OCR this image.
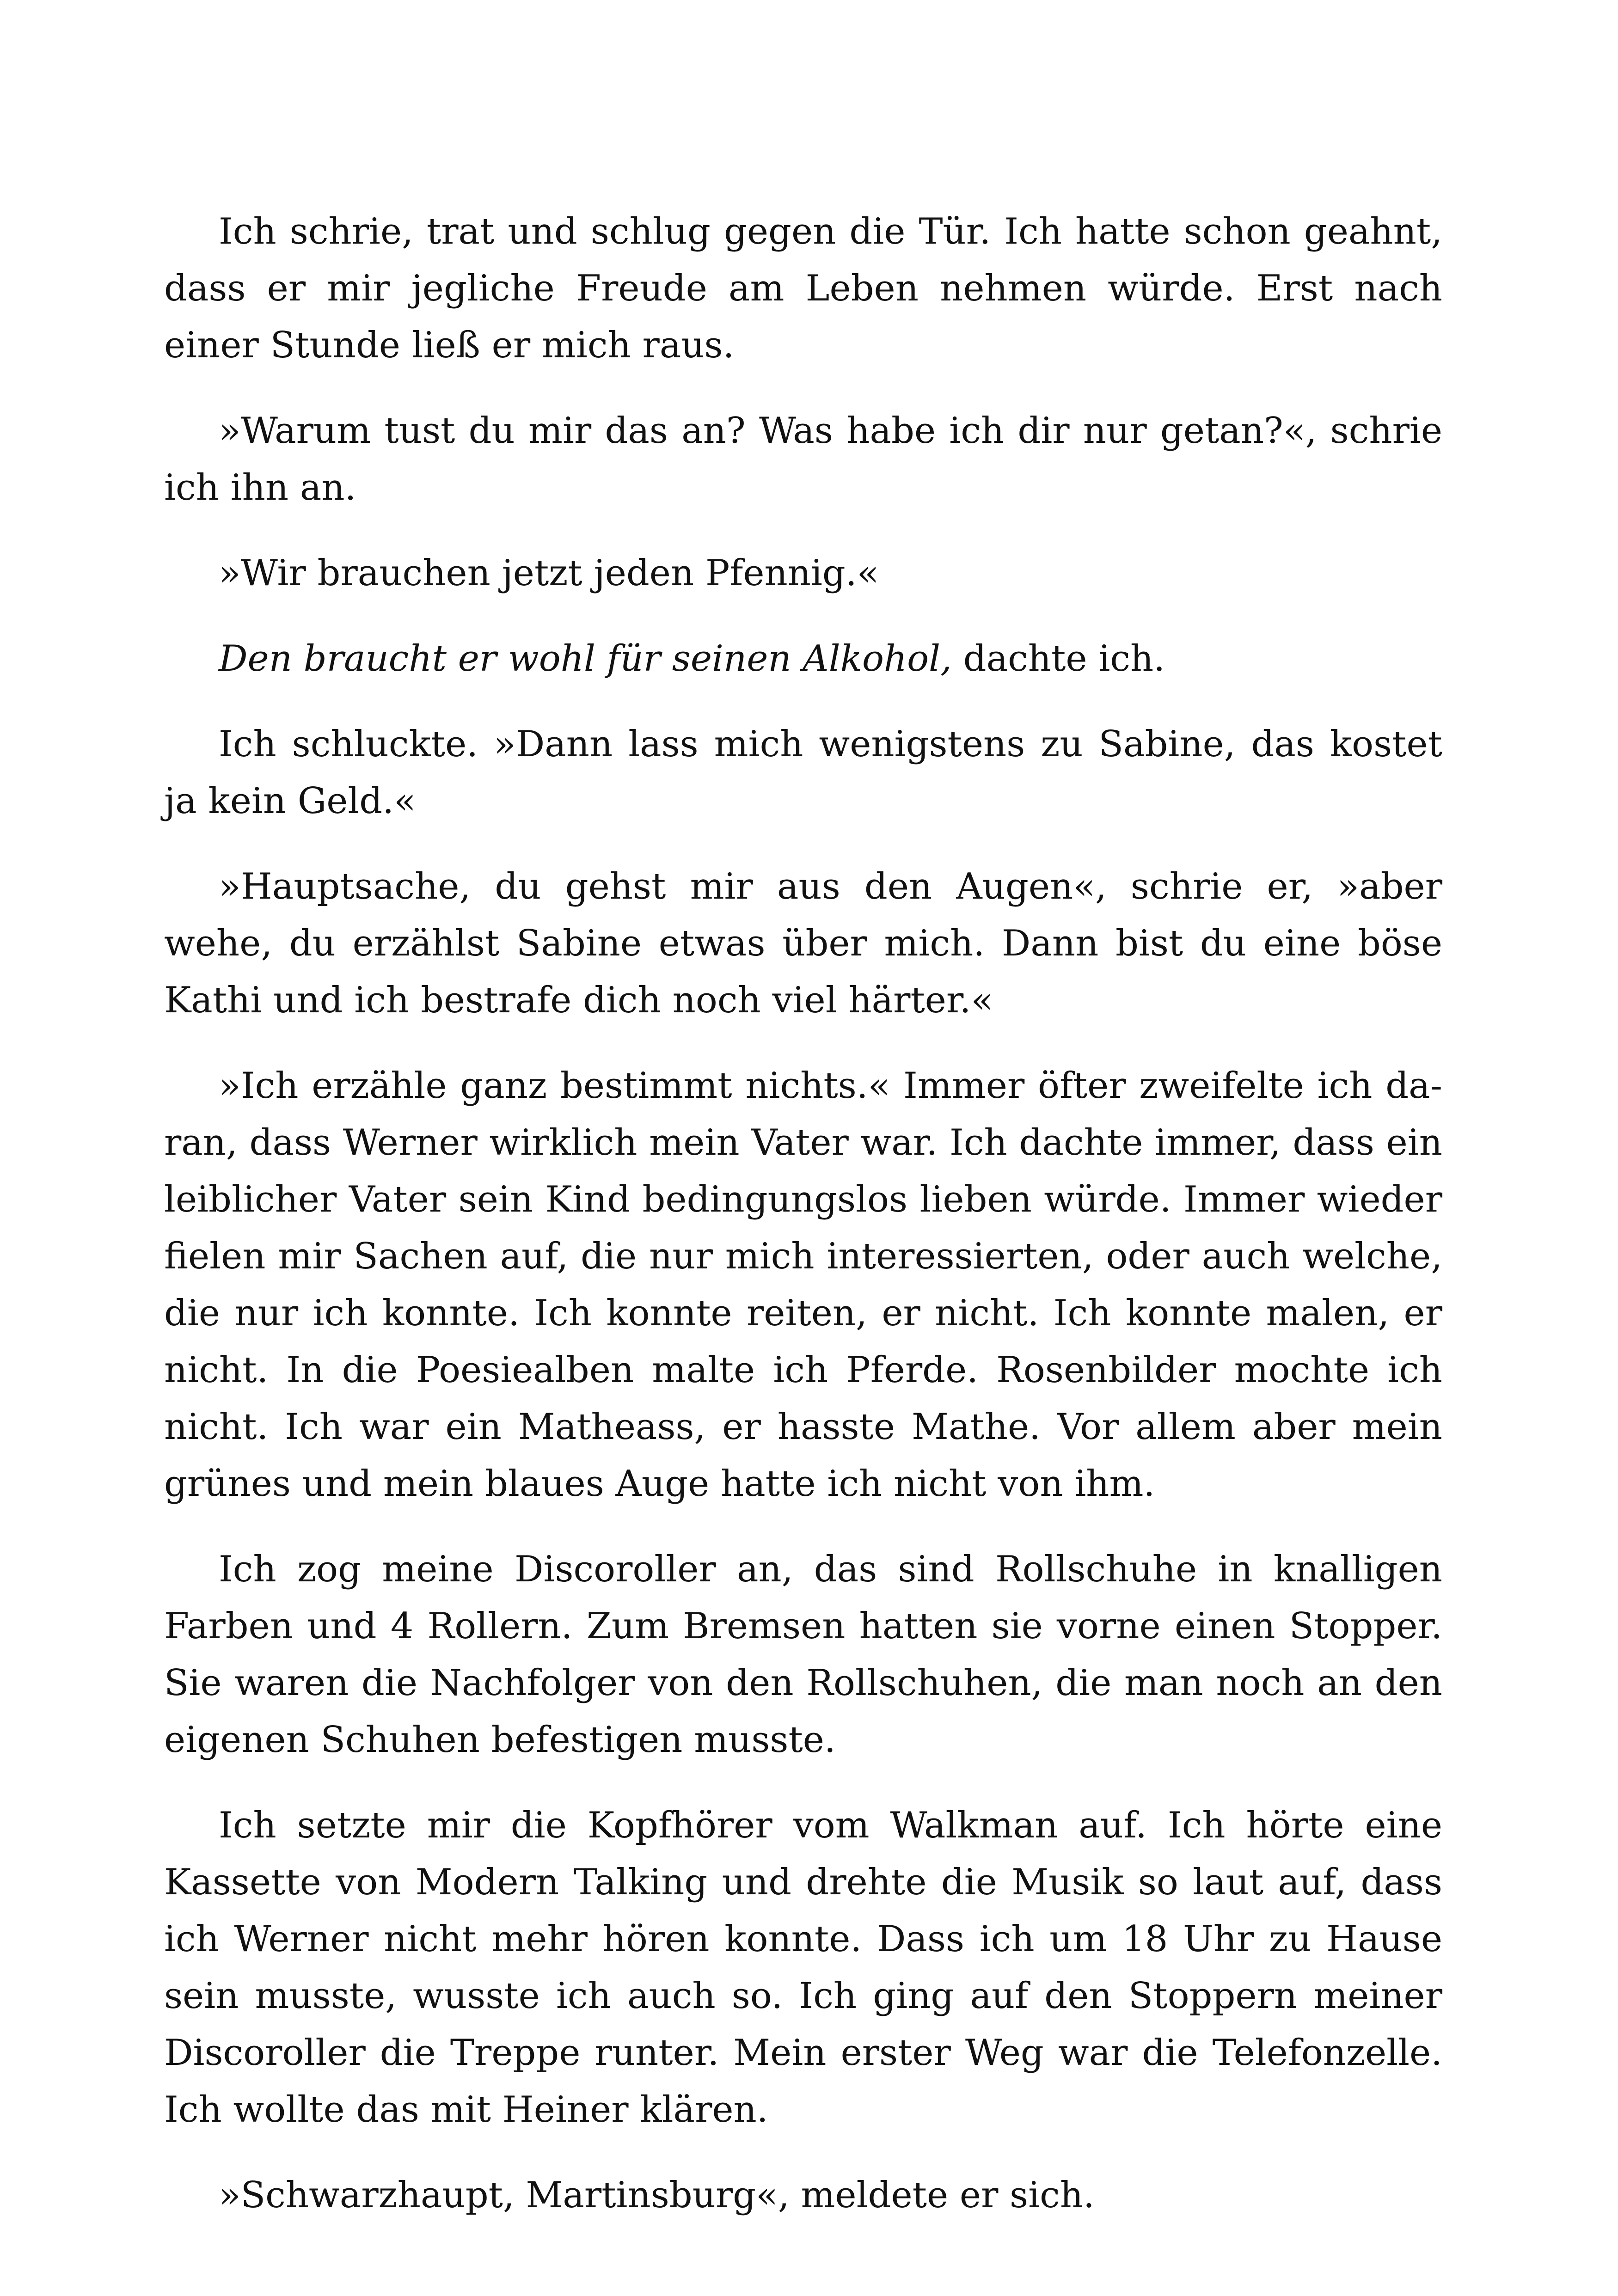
Ich schrie, trat und schlug gegen die Tür. Ich hatte schon geahnt, dass er mir jegliche Freude am Leben nehmen würde. Erst nach einer Stunde ließ er mich raus.

»Warum tust du mir das an? Was habe ich dir nur getan?«, schrie ich ihn an.

»Wir brauchen jetzt jeden Pfennig.«

Den braucht er wohl für seinen Alkohol, dachte ich.

Ich schluckte. »Dann lass mich wenigstens zu Sabine, das kostet ja kein Geld.«

»Hauptsache, du gehst mir aus den Augen«, schrie er, »aber wehe, du erzählst Sabine etwas über mich. Dann bist du eine böse Kathi und ich bestrafe dich noch viel härter.«

»Ich erzähle ganz bestimmt nichts.« Immer öfter zweifelte ich daran, dass Werner wirklich mein Vater war. Ich dachte immer, dass ein leiblicher Vater sein Kind bedingungslos lieben würde. Immer wieder fielen mir Sachen auf, die nur mich interessierten, oder auch welche, die nur ich konnte. Ich konnte reiten, er nicht. Ich konnte malen, er nicht. In die Poesiealben malte ich Pferde. Rosenbilder mochte ich nicht. Ich war ein Matheass, er hasste Mathe. Vor allem aber mein grünes und mein blaues Auge hatte ich nicht von ihm.

Ich zog meine Discoroller an, das sind Rollschuhe in knalligen Farben und 4 Rollern. Zum Bremsen hatten sie vorne einen Stopper. Sie waren die Nachfolger von den Rollschuhen, die man noch an den eigenen Schuhen befestigen musste.

Ich setzte mir die Kopfhörer vom Walkman auf. Ich hörte eine Kassette von Modern Talking und drehte die Musik so laut auf, dass ich Werner nicht mehr hören konnte. Dass ich um 18 Uhr zu Hause sein musste, wusste ich auch so. Ich ging auf den Stoppern meiner Discoroller die Treppe runter. Mein erster Weg war die Telefonzelle. Ich wollte das mit Heiner klären.

»Schwarzhaupt, Martinsburg«, meldete er sich.
